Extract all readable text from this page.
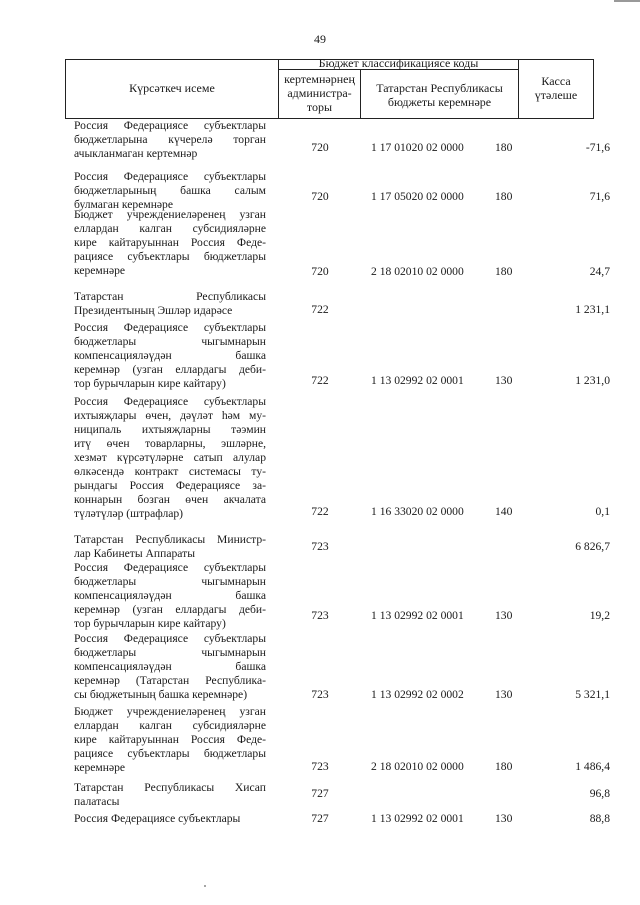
49
Күрсәткеч исеме
Бюджет классификациясе коды
кертемнәрнең
администра-
торы
Татарстан Республикасы
бюджеты керемнәре
Касса
үтәлеше
Россия Федерациясе субъектлары
бюджетларына күчерелә торган
ачыкланмаган кертемнәр	720	1 17 01020 02 0000	180	-71,6
Россия Федерациясе субъектлары
бюджетларының башка салым
булмаган керемнәре
720	1 17 05020 02 0000	180	71,6
Бюджет учреждениеләренең узган
еллардан калган субсидияләрне
кире кайтаруыннан Россия Феде-
рациясе субъектлары бюджетлары
керемнәре	720	2 18 02010 02 0000	180	24,7
Татарстан Республикасы
Президентының Эшләр идарәсе	722	1 231,1
Россия Федерациясе субъектлары
бюджетлары чыгымнарын
компенсацияләүдән башка
керемнәр (узган еллардагы деби-
тор бурычларын кире кайтару)	722	1 13 02992 02 0001	130	1 231,0
Россия Федерациясе субъектлары
ихтыяҗлары өчен, дәүләт һәм му-
ниципаль ихтыяҗларны тәэмин
итү өчен товарларны, эшләрне,
хезмәт күрсәтүләрне сатып алулар
өлкәсендә контракт системасы ту-
рындагы Россия Федерациясе за-
коннарын бозган өчен акчалата
түләтүләр (штрафлар)	722	1 16 33020 02 0000	140	0,1
Татарстан Республикасы Министр-
лар Кабинеты Аппараты
723	6 826,7
Россия Федерациясе субъектлары
бюджетлары чыгымнарын
компенсацияләүдән башка
керемнәр (узган еллардагы деби-
тор бурычларын кире кайтару)
723	1 13 02992 02 0001	130	19,2
Россия Федерациясе субъектлары
бюджетлары чыгымнарын
компенсацияләүдән башка
керемнәр (Татарстан Республика-
сы бюджетының башка керемнәре)	723	1 13 02992 02 0002	130	5 321,1
Бюджет учреждениеләренең узган
еллардан калган субсидияләрне
кире кайтаруыннан Россия Феде-
рациясе субъектлары бюджетлары
керемнәре	723	2 18 02010 02 0000	180	1 486,4
Татарстан Республикасы Хисап
палатасы
727	96,8
Россия Федерациясе субъектлары	727	1 13 02992 02 0001	130	88,8
